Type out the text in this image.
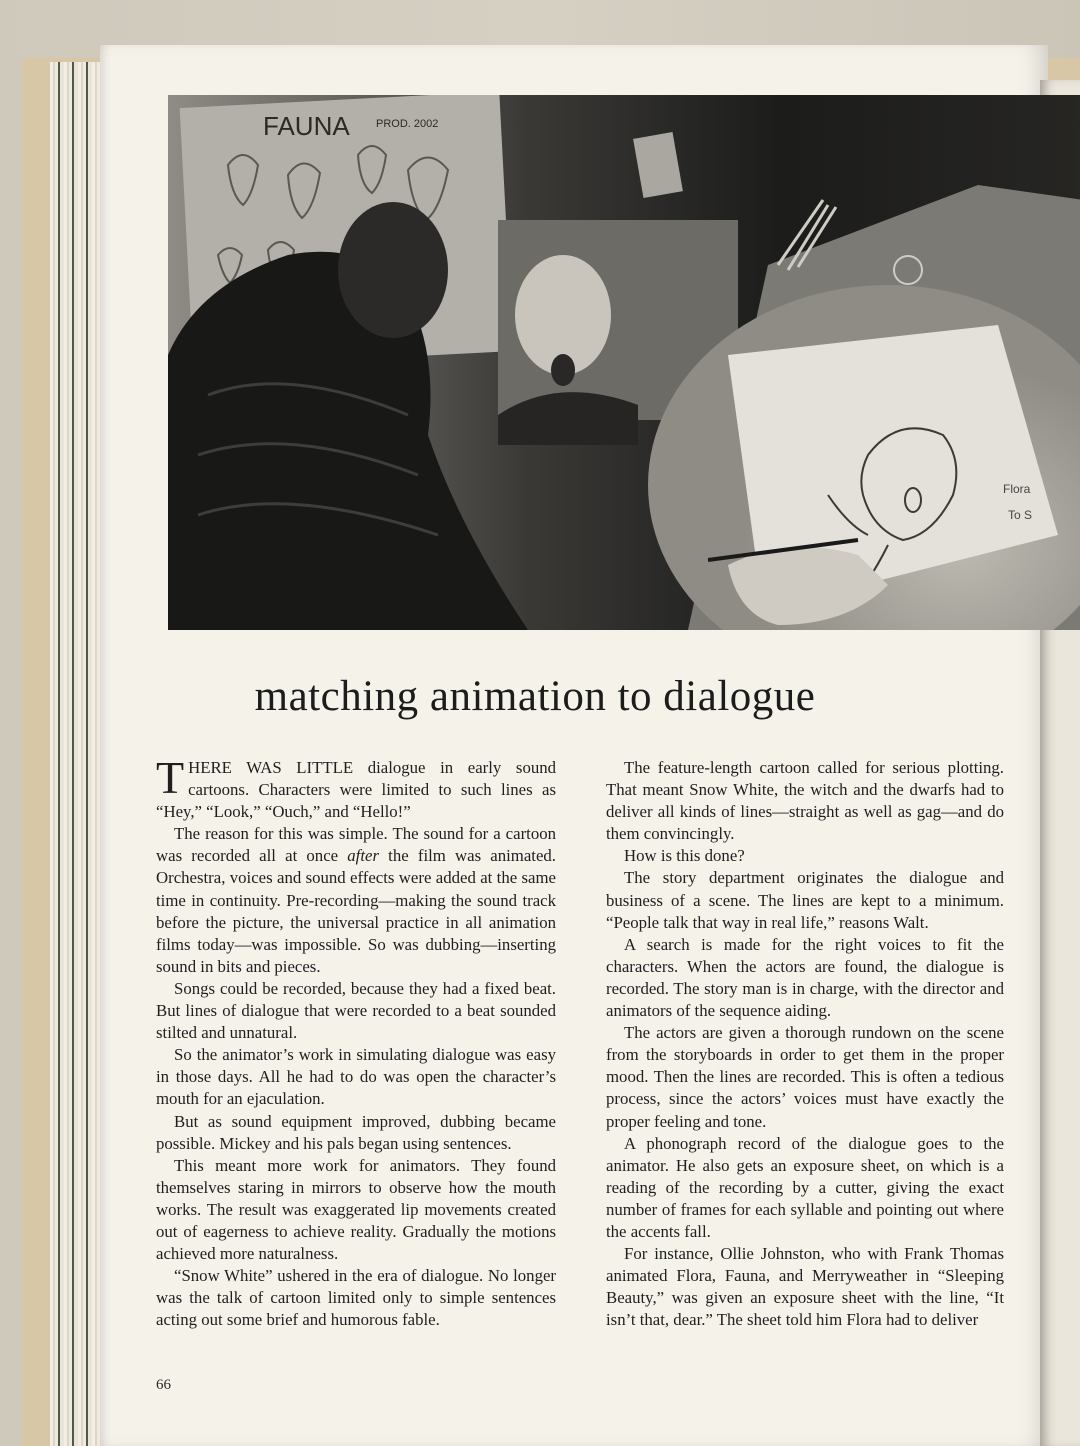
FAUNA PROD. 2002
Flora
To S
matching animation to dialogue

THERE WAS LITTLE dialogue in early sound cartoons. Characters were limited to such lines as “Hey,” “Look,” “Ouch,” and “Hello!”

The reason for this was simple. The sound for a cartoon was recorded all at once after the film was animated. Orchestra, voices and sound effects were added at the same time in continuity. Pre-recording—making the sound track before the picture, the universal practice in all animation films today—was impossible. So was dubbing—inserting sound in bits and pieces.

Songs could be recorded, because they had a fixed beat. But lines of dialogue that were recorded to a beat sounded stilted and unnatural.

So the animator’s work in simulating dialogue was easy in those days. All he had to do was open the character’s mouth for an ejaculation.

But as sound equipment improved, dubbing became possible. Mickey and his pals began using sentences.

This meant more work for animators. They found themselves staring in mirrors to observe how the mouth works. The result was exaggerated lip movements created out of eagerness to achieve reality. Gradually the motions achieved more naturalness.

“Snow White” ushered in the era of dialogue. No longer was the talk of cartoon limited only to simple sentences acting out some brief and humorous fable.

The feature-length cartoon called for serious plotting. That meant Snow White, the witch and the dwarfs had to deliver all kinds of lines—straight as well as gag—and do them convincingly.

How is this done?

The story department originates the dialogue and business of a scene. The lines are kept to a minimum. “People talk that way in real life,” reasons Walt.

A search is made for the right voices to fit the characters. When the actors are found, the dialogue is recorded. The story man is in charge, with the director and animators of the sequence aiding.

The actors are given a thorough rundown on the scene from the storyboards in order to get them in the proper mood. Then the lines are recorded. This is often a tedious process, since the actors’ voices must have exactly the proper feeling and tone.

A phonograph record of the dialogue goes to the animator. He also gets an exposure sheet, on which is a reading of the recording by a cutter, giving the exact number of frames for each syllable and pointing out where the accents fall.

For instance, Ollie Johnston, who with Frank Thomas animated Flora, Fauna, and Merryweather in “Sleeping Beauty,” was given an exposure sheet with the line, “It isn’t that, dear.” The sheet told him Flora had to deliver

66
